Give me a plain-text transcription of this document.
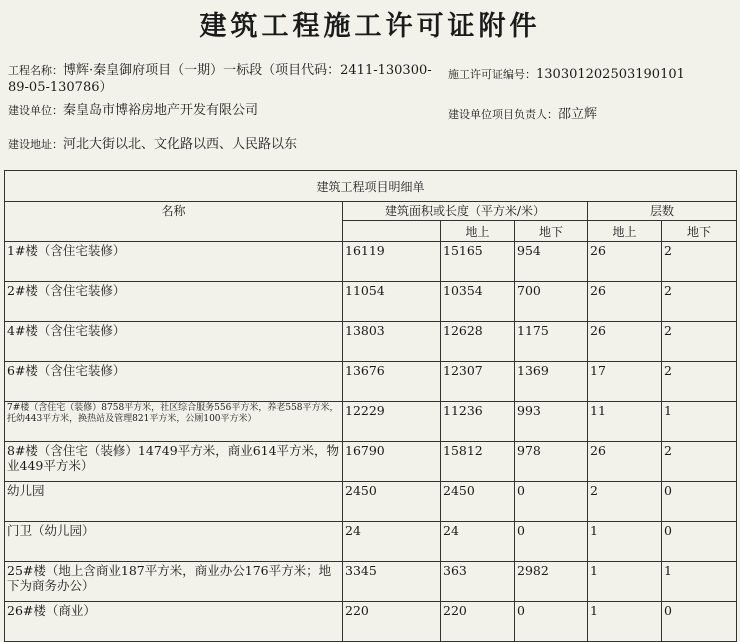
建筑工程施工许可证附件
工程名称：博辉·秦皇御府项目（一期）一标段（项目代码：2411-130300-89-05-130786）
施工许可证编号：130301202503190101
建设单位：秦皇岛市博裕房地产开发有限公司	建设单位项目负责人：邵立辉
建设地址：河北大街以北、文化路以西、人民路以东
建筑工程项目明细单					
名称	建筑面积或长度（平方米/米）			层数	
		地上	地下	地上	地下
1#楼（含住宅装修）	16119	15165	954	26	2
2#楼（含住宅装修）	11054	10354	700	26	2
4#楼（含住宅装修）	13803	12628	1175	26	2
6#楼（含住宅装修）	13676	12307	1369	17	2
7#楼（含住宅（装修）8758平方米，社区综合服务556平方米，养老558平方米，托幼443平方米，换热站及管理821平方米，公厕100平方米）	12229	11236	993	11	1
8#楼（含住宅（装修）14749平方米，商业614平方米，物业449平方米）	16790	15812	978	26	2
幼儿园	2450	2450	0	2	0
门卫（幼儿园）	24	24	0	1	0
25#楼（地上含商业187平方米，商业办公176平方米；地下为商务办公）	3345	363	2982	1	1
26#楼（商业）	220	220	0	1	0
